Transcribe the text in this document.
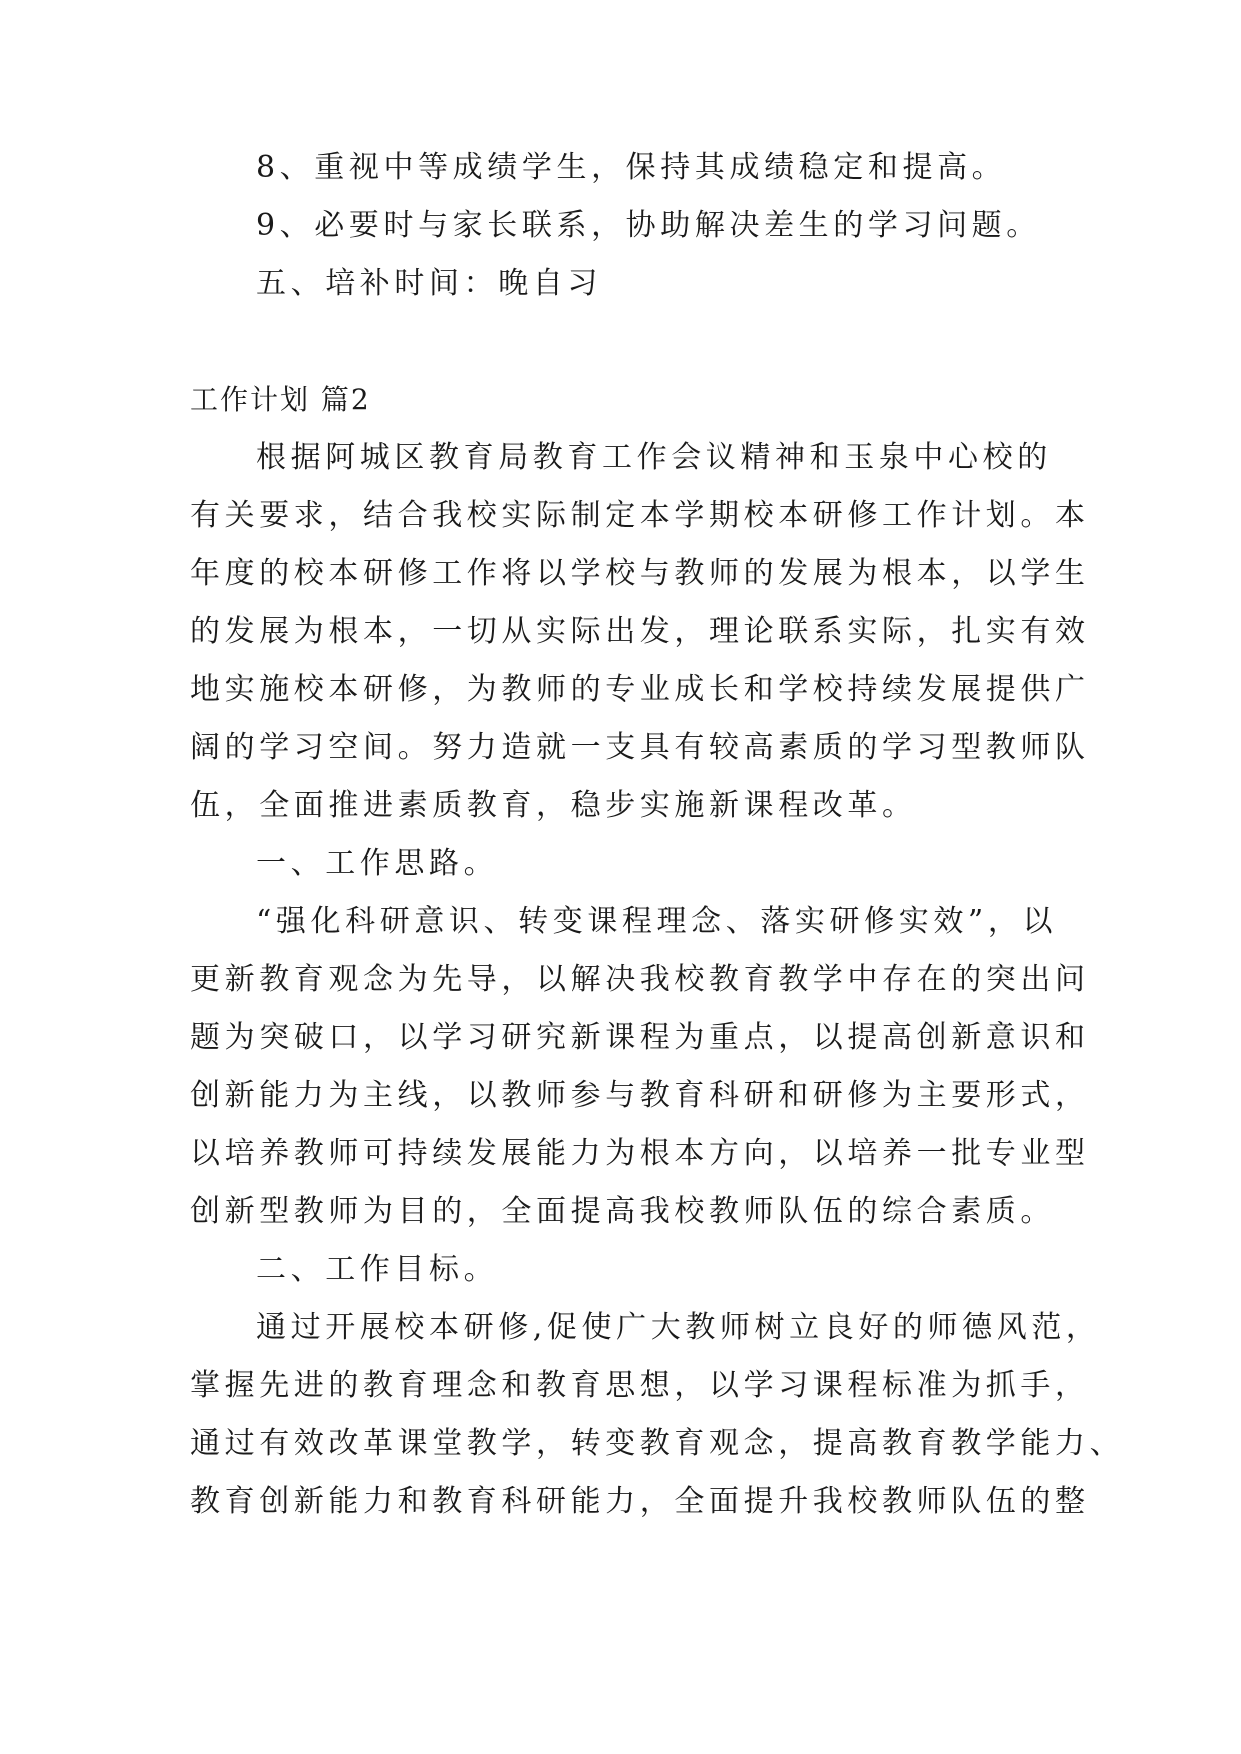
8、重视中等成绩学生，保持其成绩稳定和提高。
9、必要时与家长联系，协助解决差生的学习问题。
五、培补时间：晚自习
工作计划 篇2
根据阿城区教育局教育工作会议精神和玉泉中心校的
有关要求，结合我校实际制定本学期校本研修工作计划。本
年度的校本研修工作将以学校与教师的发展为根本，以学生
的发展为根本，一切从实际出发，理论联系实际，扎实有效
地实施校本研修，为教师的专业成长和学校持续发展提供广
阔的学习空间。努力造就一支具有较高素质的学习型教师队
伍，全面推进素质教育，稳步实施新课程改革。
一、工作思路。
“强化科研意识、转变课程理念、落实研修实效”，以
更新教育观念为先导，以解决我校教育教学中存在的突出问
题为突破口，以学习研究新课程为重点，以提高创新意识和
创新能力为主线，以教师参与教育科研和研修为主要形式，
以培养教师可持续发展能力为根本方向，以培养一批专业型
创新型教师为目的，全面提高我校教师队伍的综合素质。
二、工作目标。
通过开展校本研修,促使广大教师树立良好的师德风范，
掌握先进的教育理念和教育思想，以学习课程标准为抓手，
通过有效改革课堂教学，转变教育观念，提高教育教学能力、
教育创新能力和教育科研能力，全面提升我校教师队伍的整
